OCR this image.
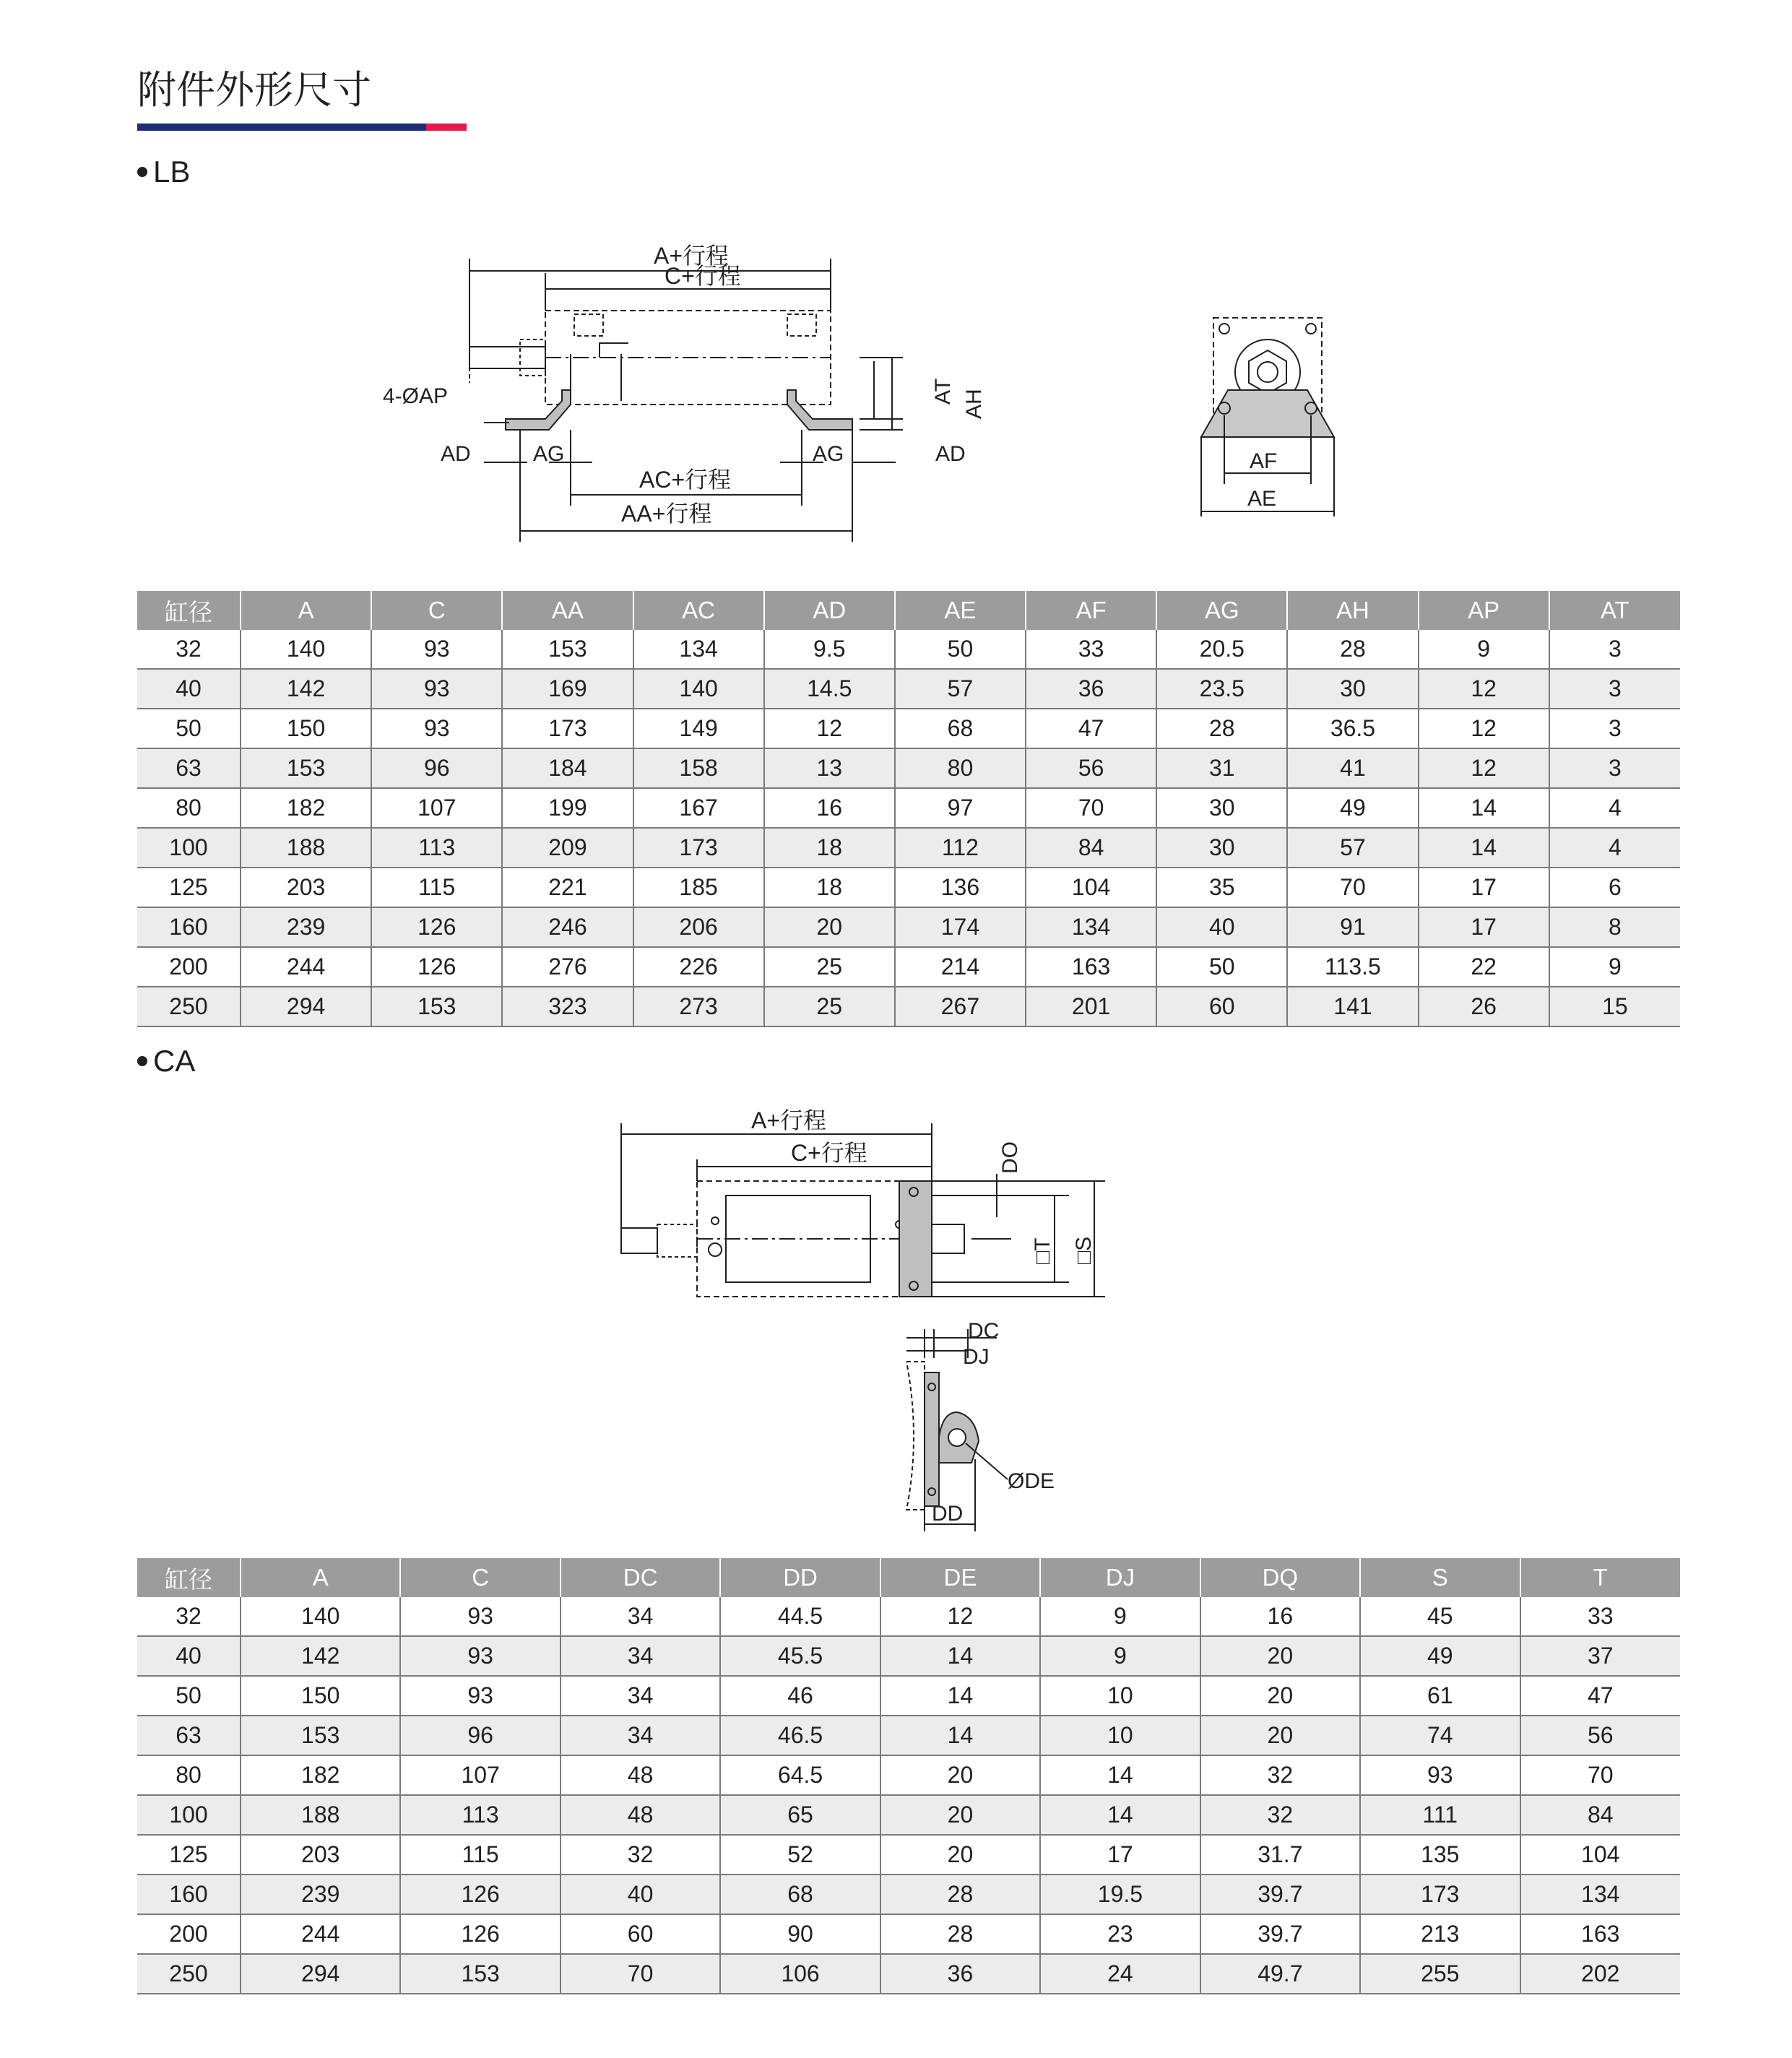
附件外形尺寸
LB
A+行程
C+行程
4-ØAP
AD	AG
AC+行程
AA+行程
AG	AD
AT AH
AF
AE
缸径	A	C	AA	AC	AD	AE	AF	AG	AH	AP	AT
32	140	93	153	134	9.5	50	33	20.5	28	9	3
40	142	93	169	140	14.5	57	36	23.5	30	12	3
50	150	93	173	149	12	68	47	28	36.5	12	3
63	153	96	184	158	13	80	56	31	41	12	3
80	182	107	199	167	16	97	70	30	49	14	4
100	188	113	209	173	18	112	84	30	57	14	4
125	203	115	221	185	18	136	104	35	70	17	6
160	239	126	246	206	20	174	134	40	91	17	8
200	244	126	276	226	25	214	163	50	113.5	22	9
250	294	153	323	273	25	267	201	60	141	26	15
CA
A+行程
C+行程	DO
□T □S
DC
DJ
ØDE
DD
缸径	A	C	DC	DD	DE	DJ	DQ	S	T
32	140	93	34	44.5	12	9	16	45	33
40	142	93	34	45.5	14	9	20	49	37
50	150	93	34	46	14	10	20	61	47
63	153	96	34	46.5	14	10	20	74	56
80	182	107	48	64.5	20	14	32	93	70
100	188	113	48	65	20	14	32	111	84
125	203	115	32	52	20	17	31.7	135	104
160	239	126	40	68	28	19.5	39.7	173	134
200	244	126	60	90	28	23	39.7	213	163
250	294	153	70	106	36	24	49.7	255	202
